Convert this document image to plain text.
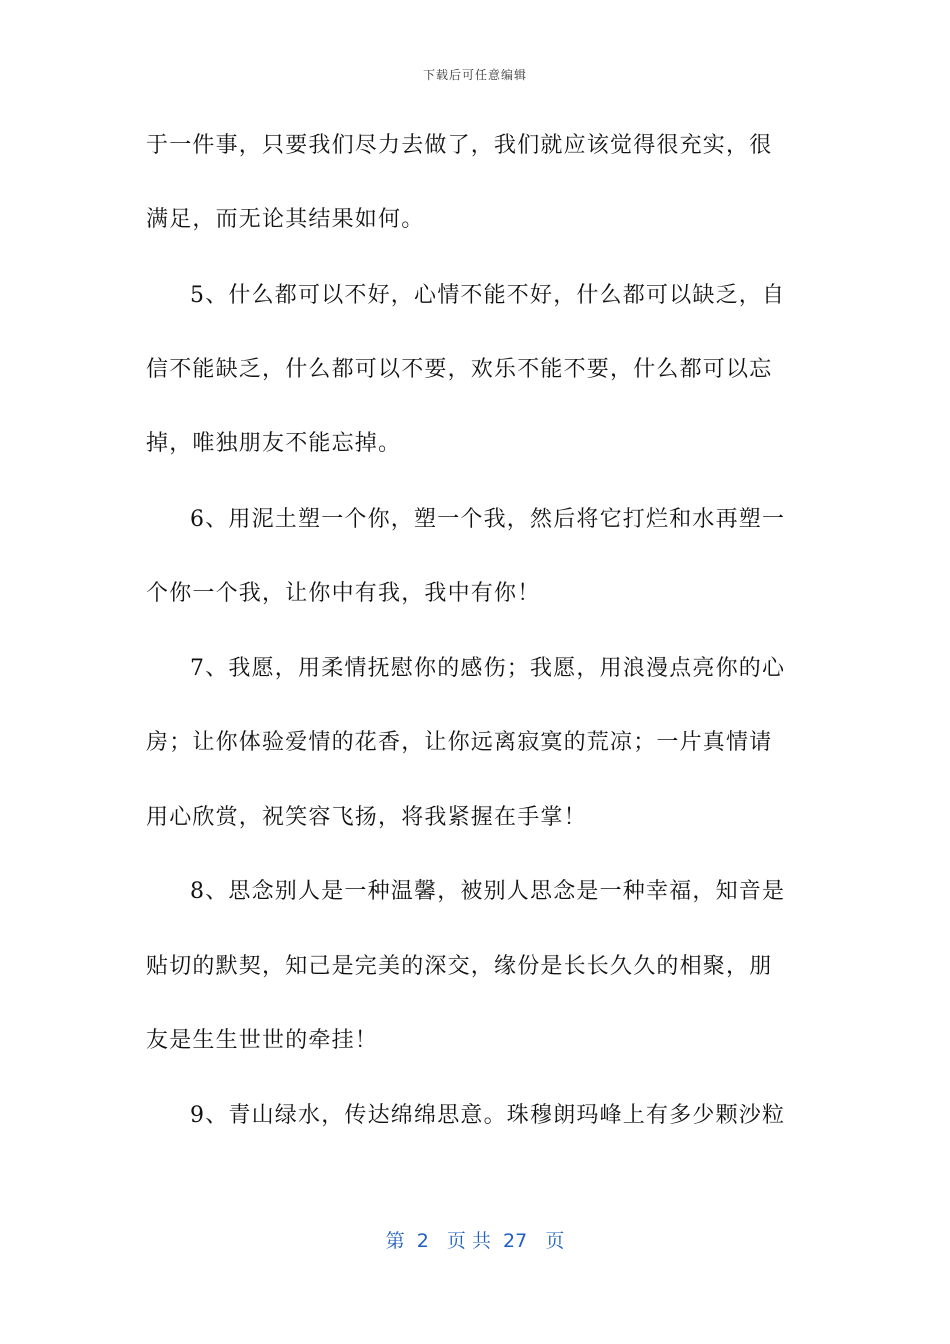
下载后可任意编辑
于一件事，只要我们尽力去做了，我们就应该觉得很充实，很
满足，而无论其结果如何。
5、什么都可以不好，心情不能不好，什么都可以缺乏，自
信不能缺乏，什么都可以不要，欢乐不能不要，什么都可以忘
掉，唯独朋友不能忘掉。
6、用泥土塑一个你，塑一个我，然后将它打烂和水再塑一
个你一个我，让你中有我，我中有你！
7、我愿，用柔情抚慰你的感伤；我愿，用浪漫点亮你的心
房；让你体验爱情的花香，让你远离寂寞的荒凉；一片真情请
用心欣赏，祝笑容飞扬，将我紧握在手掌！
8、思念别人是一种温馨，被别人思念是一种幸福，知音是
贴切的默契，知己是完美的深交，缘份是长长久久的相聚，朋
友是生生世世的牵挂！
9、青山绿水，传达绵绵思意。珠穆朗玛峰上有多少颗沙粒
第  2   页 共  27   页
